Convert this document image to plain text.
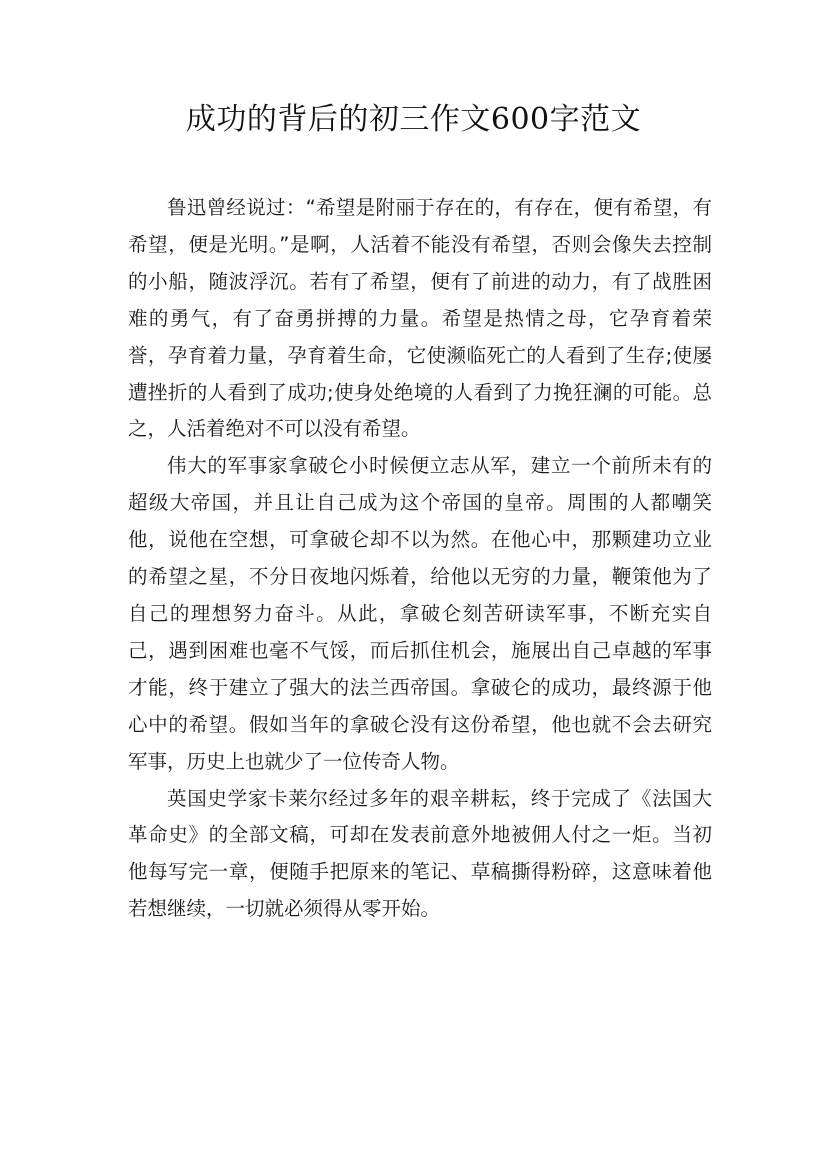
成功的背后的初三作文600字范文

鲁迅曾经说过：“希望是附丽于存在的，有存在，便有希望，有希望，便是光明。”是啊，人活着不能没有希望，否则会像失去控制的小船，随波浮沉。若有了希望，便有了前进的动力，有了战胜困难的勇气，有了奋勇拼搏的力量。希望是热情之母，它孕育着荣誉，孕育着力量，孕育着生命，它使濒临死亡的人看到了生存;使屡遭挫折的人看到了成功;使身处绝境的人看到了力挽狂澜的可能。总之，人活着绝对不可以没有希望。

伟大的军事家拿破仑小时候便立志从军，建立一个前所未有的超级大帝国，并且让自己成为这个帝国的皇帝。周围的人都嘲笑他，说他在空想，可拿破仑却不以为然。在他心中，那颗建功立业的希望之星，不分日夜地闪烁着，给他以无穷的力量，鞭策他为了自己的理想努力奋斗。从此，拿破仑刻苦研读军事，不断充实自己，遇到困难也毫不气馁，而后抓住机会，施展出自己卓越的军事才能，终于建立了强大的法兰西帝国。拿破仑的成功，最终源于他心中的希望。假如当年的拿破仑没有这份希望，他也就不会去研究军事，历史上也就少了一位传奇人物。

英国史学家卡莱尔经过多年的艰辛耕耘，终于完成了《法国大革命史》的全部文稿，可却在发表前意外地被佣人付之一炬。当初他每写完一章，便随手把原来的笔记、草稿撕得粉碎，这意味着他若想继续，一切就必须得从零开始。
